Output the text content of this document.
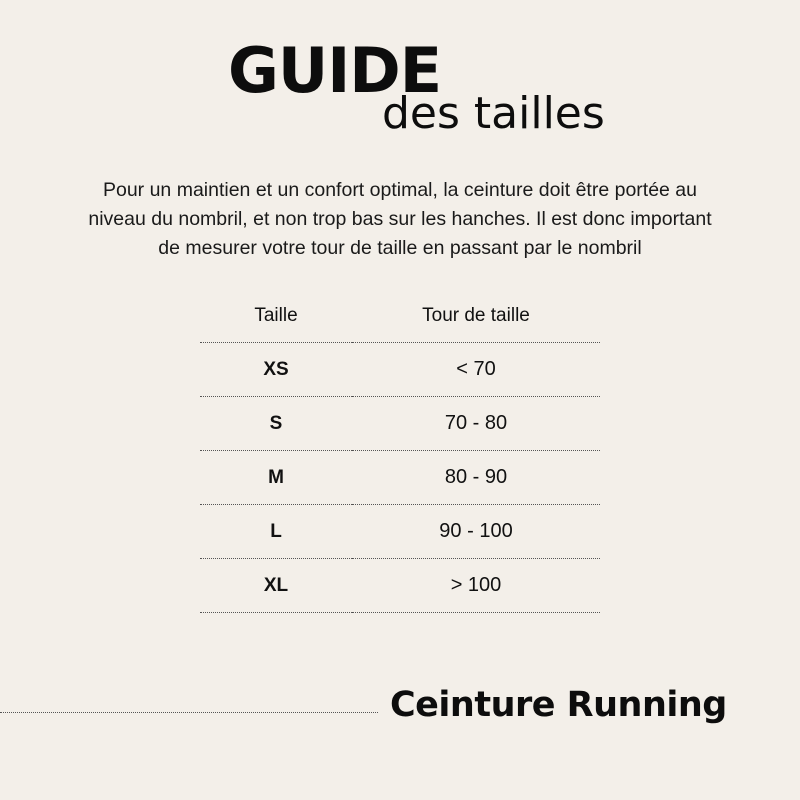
GUIDE
des tailles
Pour un maintien et un confort optimal, la ceinture doit être portée au
niveau du nombril, et non trop bas sur les hanches. Il est donc important
de mesurer votre tour de taille en passant par le nombril
Taille	Tour de taille
XS	< 70
S	70 - 80
M	80 - 90
L	90 - 100
XL	> 100
Ceinture Running
